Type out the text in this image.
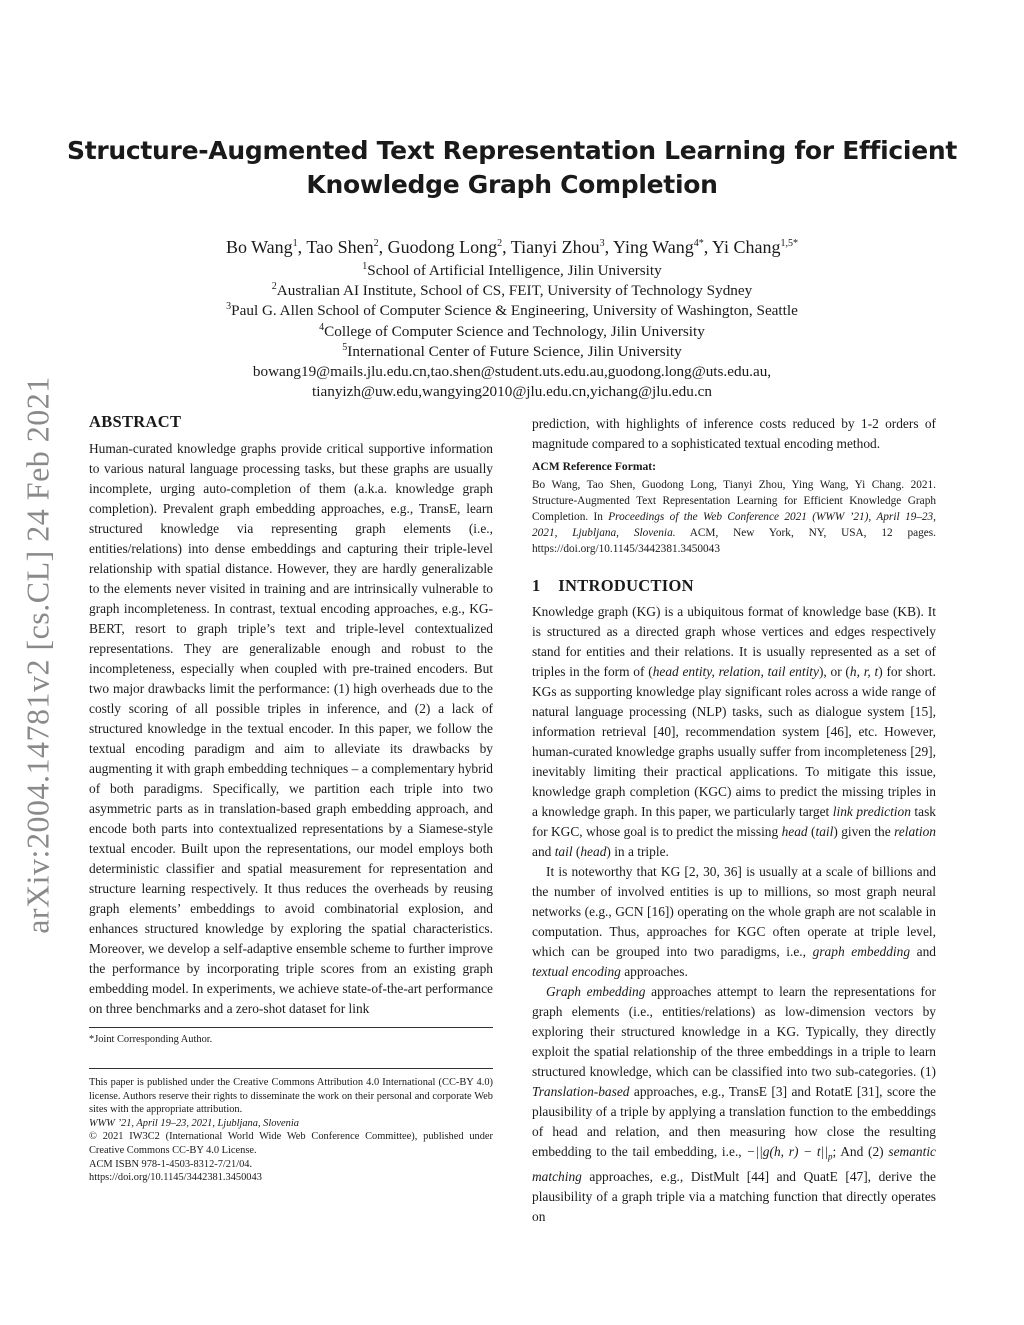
Structure-Augmented Text Representation Learning for Efficient
Knowledge Graph Completion
Bo Wang$^1$, Tao Shen$^2$, Guodong Long$^2$, Tianyi Zhou$^3$, Ying Wang$^{4*}$, Yi Chang$^{1,5*}$
$^1$School of Artificial Intelligence, Jilin University
$^2$Australian AI Institute, School of CS, FEIT, University of Technology Sydney
$^3$Paul G. Allen School of Computer Science & Engineering, University of Washington, Seattle
$^4$College of Computer Science and Technology, Jilin University
$^5$International Center of Future Science, Jilin University
bowang19@mails.jlu.edu.cn,tao.shen@student.uts.edu.au,guodong.long@uts.edu.au,
tianyizh@uw.edu,wangying2010@jlu.edu.cn,yichang@jlu.edu.cn
arXiv:2004.14781v2 [cs.CL] 24 Feb 2021 ABSTRACT
Human-curated knowledge graphs provide critical supportive information to various natural language processing tasks, but these graphs are usually incomplete, urging auto-completion of them (a.k.a. knowledge graph completion). Prevalent graph embedding approaches, e.g., TransE, learn structured knowledge via representing graph elements (i.e., entities/relations) into dense embeddings and capturing their triple-level relationship with spatial distance. However, they are hardly generalizable to the elements never visited in training and are intrinsically vulnerable to graph incompleteness. In contrast, textual encoding approaches, e.g., KG-BERT, resort to graph triple’s text and triple-level contextualized representations. They are generalizable enough and robust to the incompleteness, especially when coupled with pre-trained encoders. But two major drawbacks limit the performance: (1) high overheads due to the costly scoring of all possible triples in inference, and (2) a lack of structured knowledge in the textual encoder. In this paper, we follow the textual encoding paradigm and aim to alleviate its drawbacks by augmenting it with graph embedding techniques – a complementary hybrid of both paradigms. Specifically, we partition each triple into two asymmetric parts as in translation-based graph embedding approach, and encode both parts into contextualized representations by a Siamese-style textual encoder. Built upon the representations, our model employs both deterministic classifier and spatial measurement for representation and structure learning respectively. It thus reduces the overheads by reusing graph elements’ embeddings to avoid combinatorial explosion, and enhances structured knowledge by exploring the spatial characteristics. Moreover, we develop a self-adaptive ensemble scheme to further improve the performance by incorporating triple scores from an existing graph embedding model. In experiments, we achieve state-of-the-art performance on three benchmarks and a zero-shot dataset for link
*Joint Corresponding Author.

This paper is published under the Creative Commons Attribution 4.0 International (CC-BY 4.0) license. Authors reserve their rights to disseminate the work on their personal and corporate Web sites with the appropriate attribution.

WWW ’21, April 19–23, 2021, Ljubljana, Slovenia

© 2021 IW3C2 (International World Wide Web Conference Committee), published under Creative Commons CC-BY 4.0 License.

ACM ISBN 978-1-4503-8312-7/21/04.

https://doi.org/10.1145/3442381.3450043

prediction, with highlights of inference costs reduced by 1-2 orders of magnitude compared to a sophisticated textual encoding method.
ACM Reference Format:
Bo Wang, Tao Shen, Guodong Long, Tianyi Zhou, Ying Wang, Yi Chang. 2021. Structure-Augmented Text Representation Learning for Efficient Knowledge Graph Completion. In Proceedings of the Web Conference 2021 (WWW ’21), April 19–23, 2021, Ljubljana, Slovenia. ACM, New York, NY, USA, 12 pages. https://doi.org/10.1145/3442381.3450043
1 INTRODUCTION

Knowledge graph (KG) is a ubiquitous format of knowledge base (KB). It is structured as a directed graph whose vertices and edges respectively stand for entities and their relations. It is usually represented as a set of triples in the form of (head entity, relation, tail entity), or (h, r, t) for short. KGs as supporting knowledge play significant roles across a wide range of natural language processing (NLP) tasks, such as dialogue system [15], information retrieval [40], recommendation system [46], etc. However, human-curated knowledge graphs usually suffer from incompleteness [29], inevitably limiting their practical applications. To mitigate this issue, knowledge graph completion (KGC) aims to predict the missing triples in a knowledge graph. In this paper, we particularly target link prediction task for KGC, whose goal is to predict the missing head (tail) given the relation and tail (head) in a triple.

It is noteworthy that KG [2, 30, 36] is usually at a scale of billions and the number of involved entities is up to millions, so most graph neural networks (e.g., GCN [16]) operating on the whole graph are not scalable in computation. Thus, approaches for KGC often operate at triple level, which can be grouped into two paradigms, i.e., graph embedding and textual encoding approaches.

Graph embedding approaches attempt to learn the representations for graph elements (i.e., entities/relations) as low-dimension vectors by exploring their structured knowledge in a KG. Typically, they directly exploit the spatial relationship of the three embeddings in a triple to learn structured knowledge, which can be classified into two sub-categories. (1) Translation-based approaches, e.g., TransE [3] and RotatE [31], score the plausibility of a triple by applying a translation function to the embeddings of head and relation, and then measuring how close the resulting embedding to the tail embedding, i.e., −||g(h, $r) - t||_p$; And (2) semantic matching approaches, e.g., DistMult [44] and QuatE [47], derive the plausibility of a graph triple via a matching function that directly operates on
